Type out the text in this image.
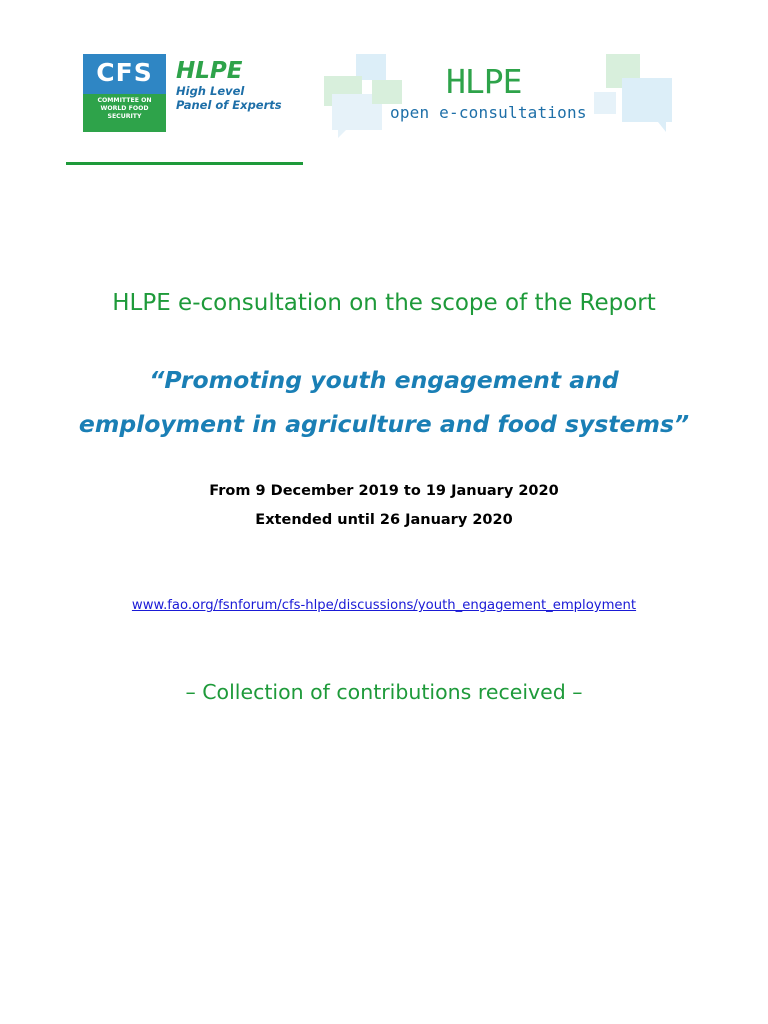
CFS
COMMITTEE ON
WORLD FOOD
SECURITY
HLPE
High Level
Panel of Experts
HLPE
open e-consultations
HLPE e-consultation on the scope of the Report
“Promoting youth engagement and
employment in agriculture and food systems”
From 9 December 2019 to 19 January 2020
Extended until 26 January 2020
www.fao.org/fsnforum/cfs-hlpe/discussions/youth_engagement_employment
– Collection of contributions received –
